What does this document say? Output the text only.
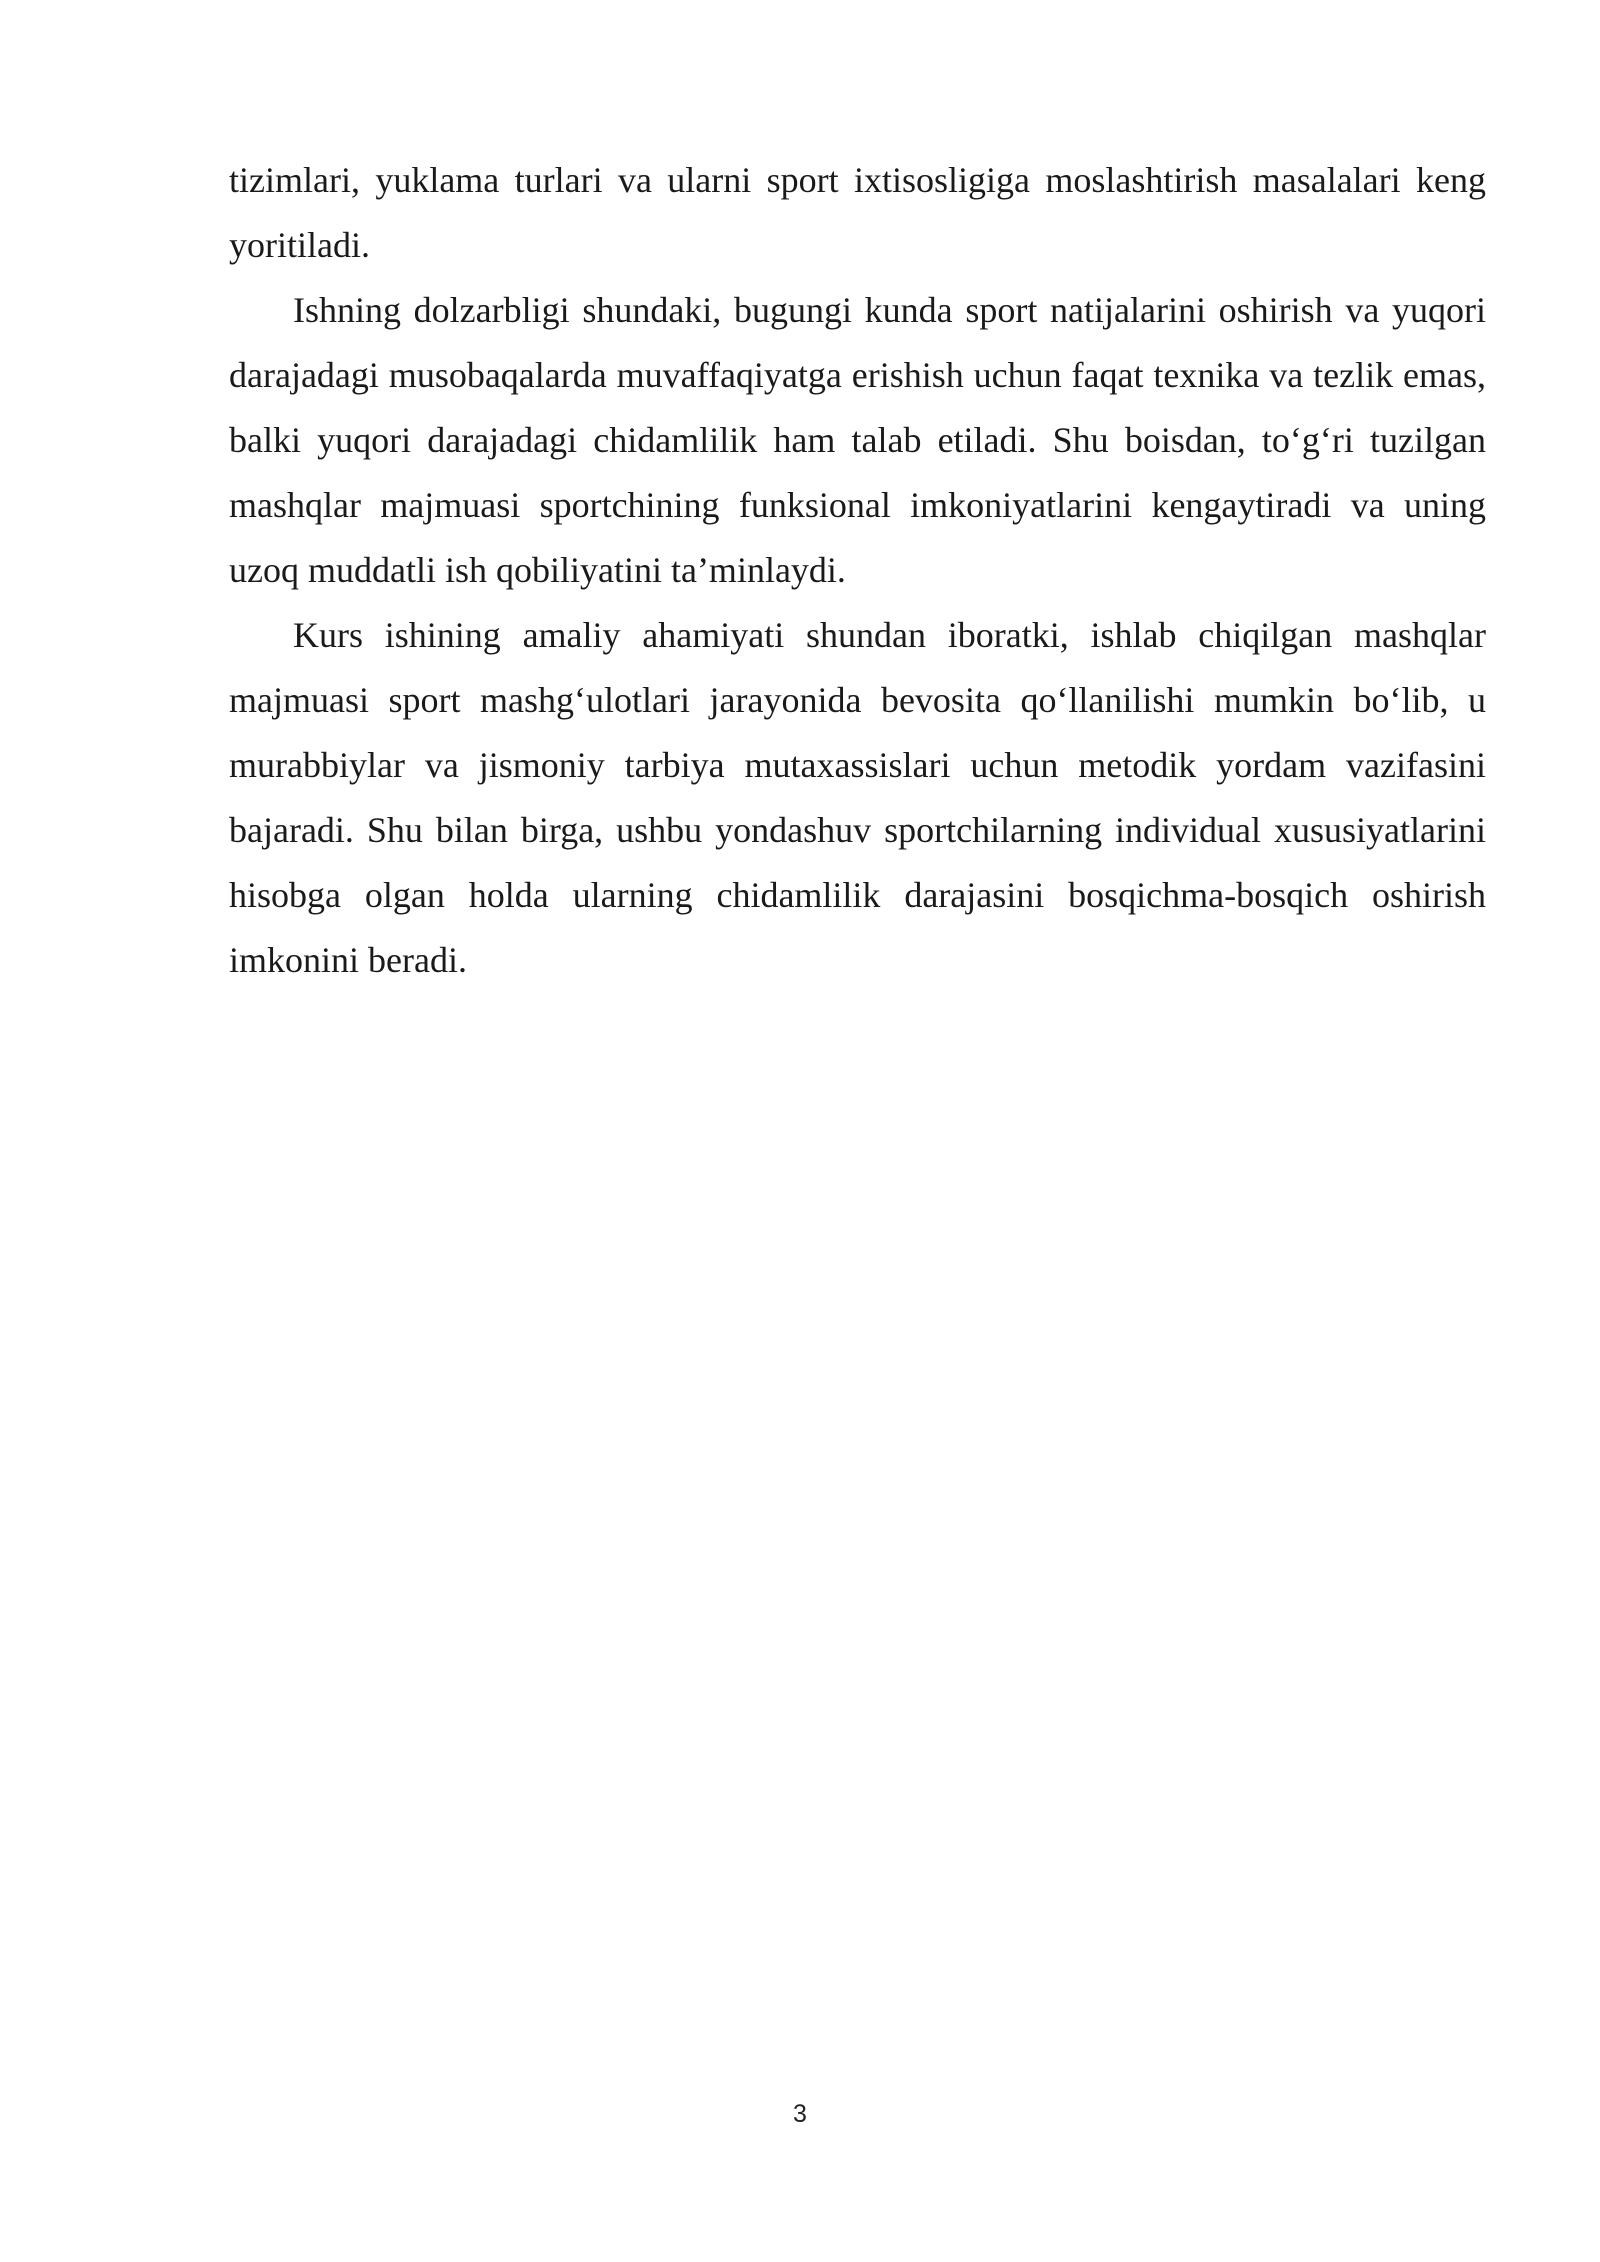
tizimlari, yuklama turlari va ularni sport ixtisosligiga moslashtirish masalalari keng yoritiladi.

Ishning dolzarbligi shundaki, bugungi kunda sport natijalarini oshirish va yuqori darajadagi musobaqalarda muvaffaqiyatga erishish uchun faqat texnika va tezlik emas, balki yuqori darajadagi chidamlilik ham talab etiladi. Shu boisdan, to‘g‘ri tuzilgan mashqlar majmuasi sportchining funksional imkoniyatlarini kengaytiradi va uning uzoq muddatli ish qobiliyatini ta’minlaydi.

Kurs ishining amaliy ahamiyati shundan iboratki, ishlab chiqilgan mashqlar majmuasi sport mashg‘ulotlari jarayonida bevosita qo‘llanilishi mumkin bo‘lib, u murabbiylar va jismoniy tarbiya mutaxassislari uchun metodik yordam vazifasini bajaradi. Shu bilan birga, ushbu yondashuv sportchilarning individual xususiyatlarini hisobga olgan holda ularning chidamlilik darajasini bosqichma-bosqich oshirish imkonini beradi.

3
